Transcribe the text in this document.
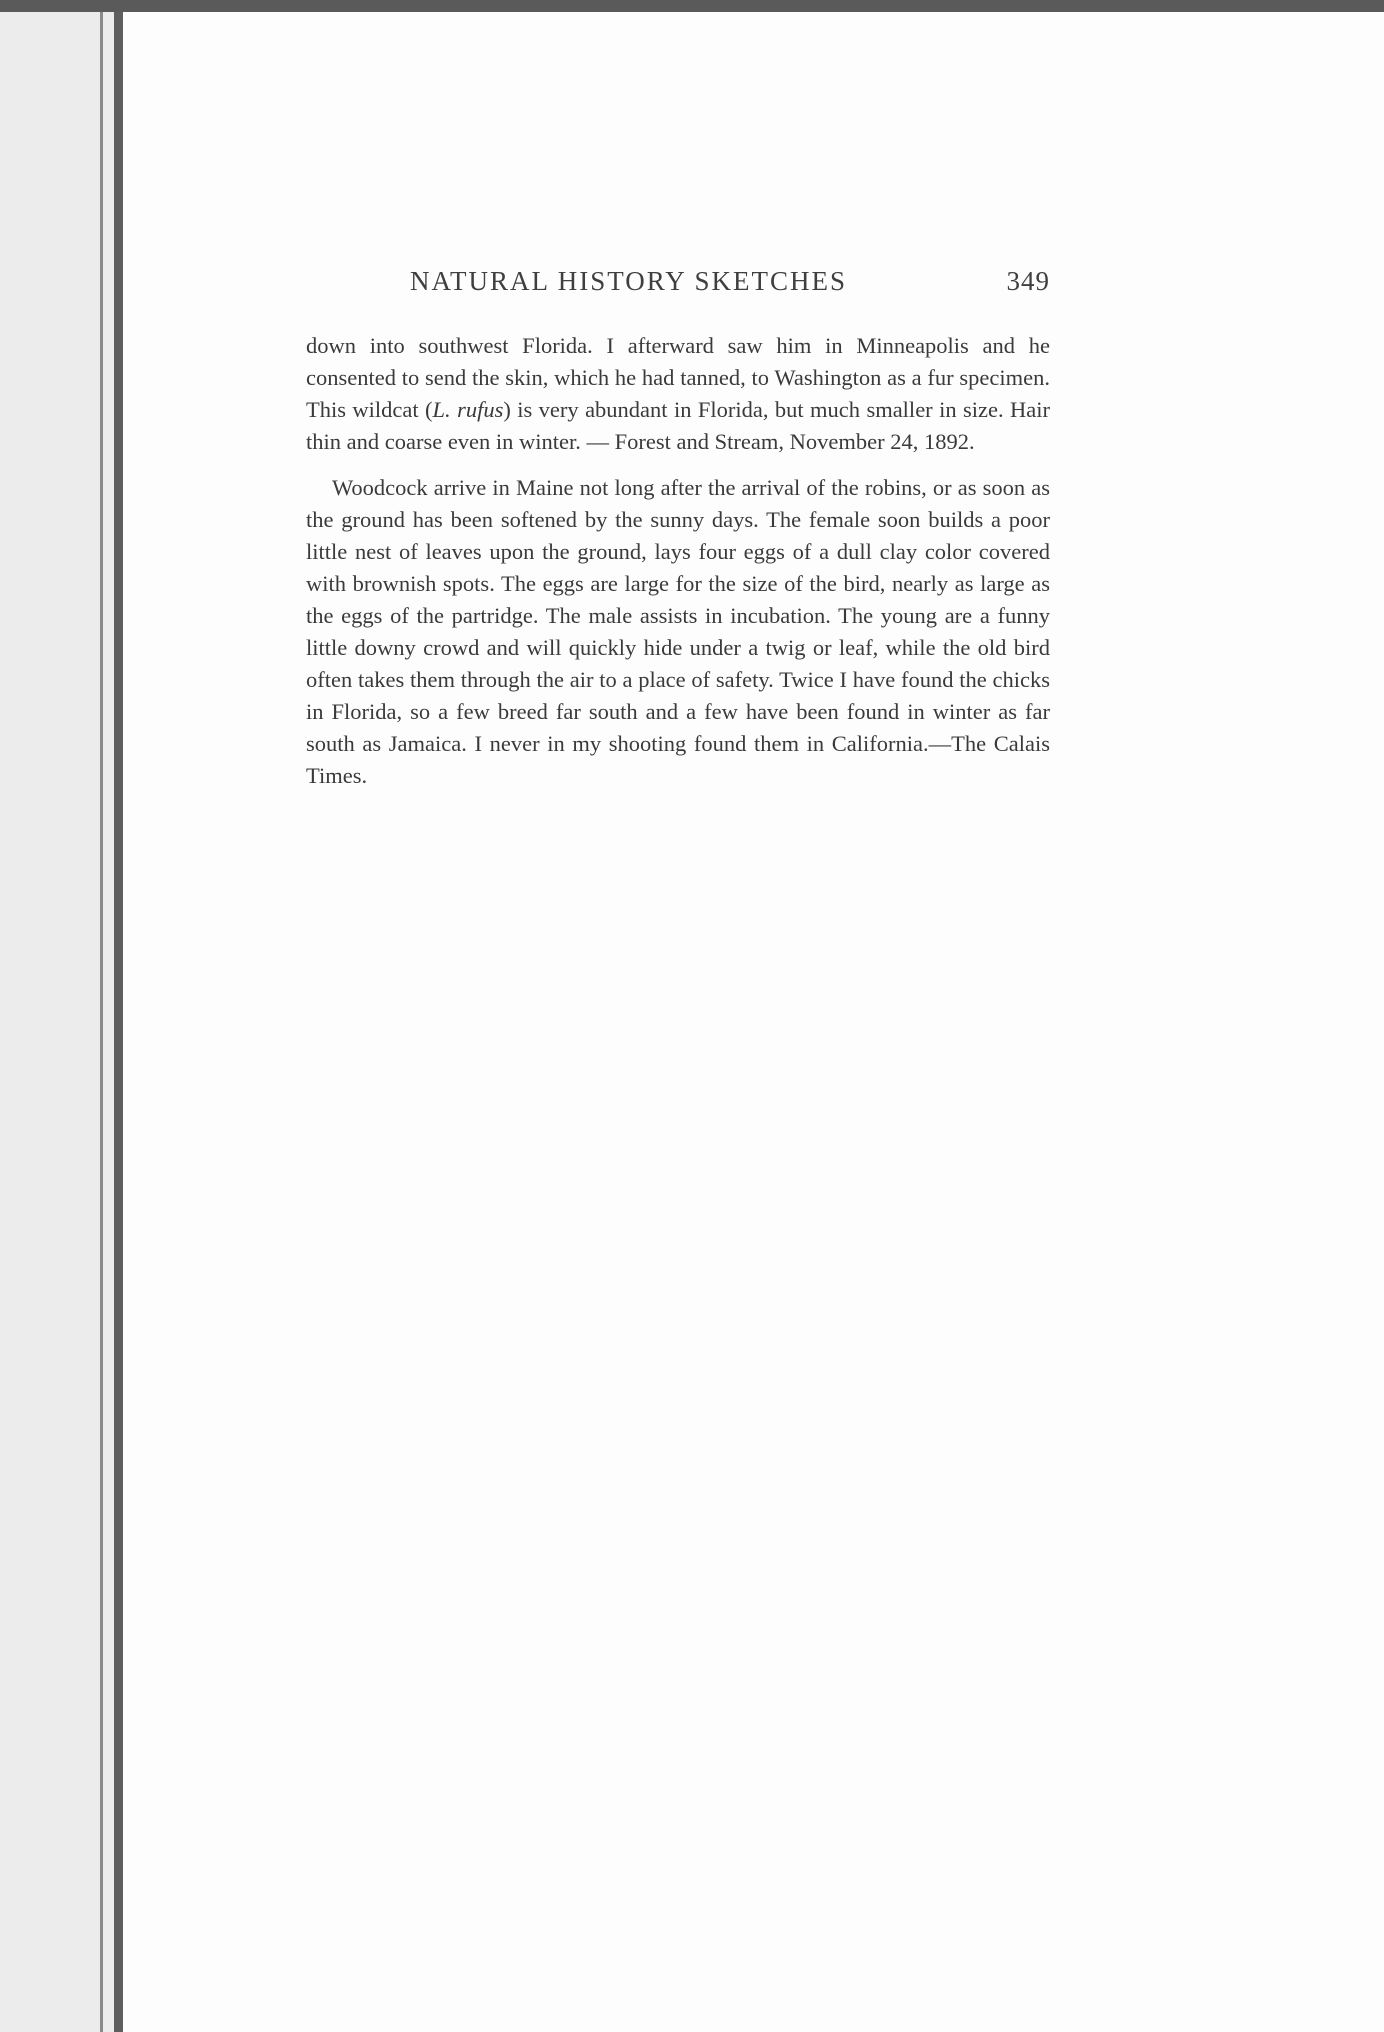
NATURAL HISTORY SKETCHES	349

down into southwest Florida. I afterward saw him in Minneapolis and he consented to send the skin, which he had tanned, to Washington as a fur specimen. This wildcat (L. rufus) is very abundant in Florida, but much smaller in size. Hair thin and coarse even in winter. — Forest and Stream, November 24, 1892.

Woodcock arrive in Maine not long after the arrival of the robins, or as soon as the ground has been softened by the sunny days. The female soon builds a poor little nest of leaves upon the ground, lays four eggs of a dull clay color covered with brownish spots. The eggs are large for the size of the bird, nearly as large as the eggs of the partridge. The male assists in incubation. The young are a funny little downy crowd and will quickly hide under a twig or leaf, while the old bird often takes them through the air to a place of safety. Twice I have found the chicks in Florida, so a few breed far south and a few have been found in winter as far south as Jamaica. I never in my shooting found them in California.—The Calais Times.
